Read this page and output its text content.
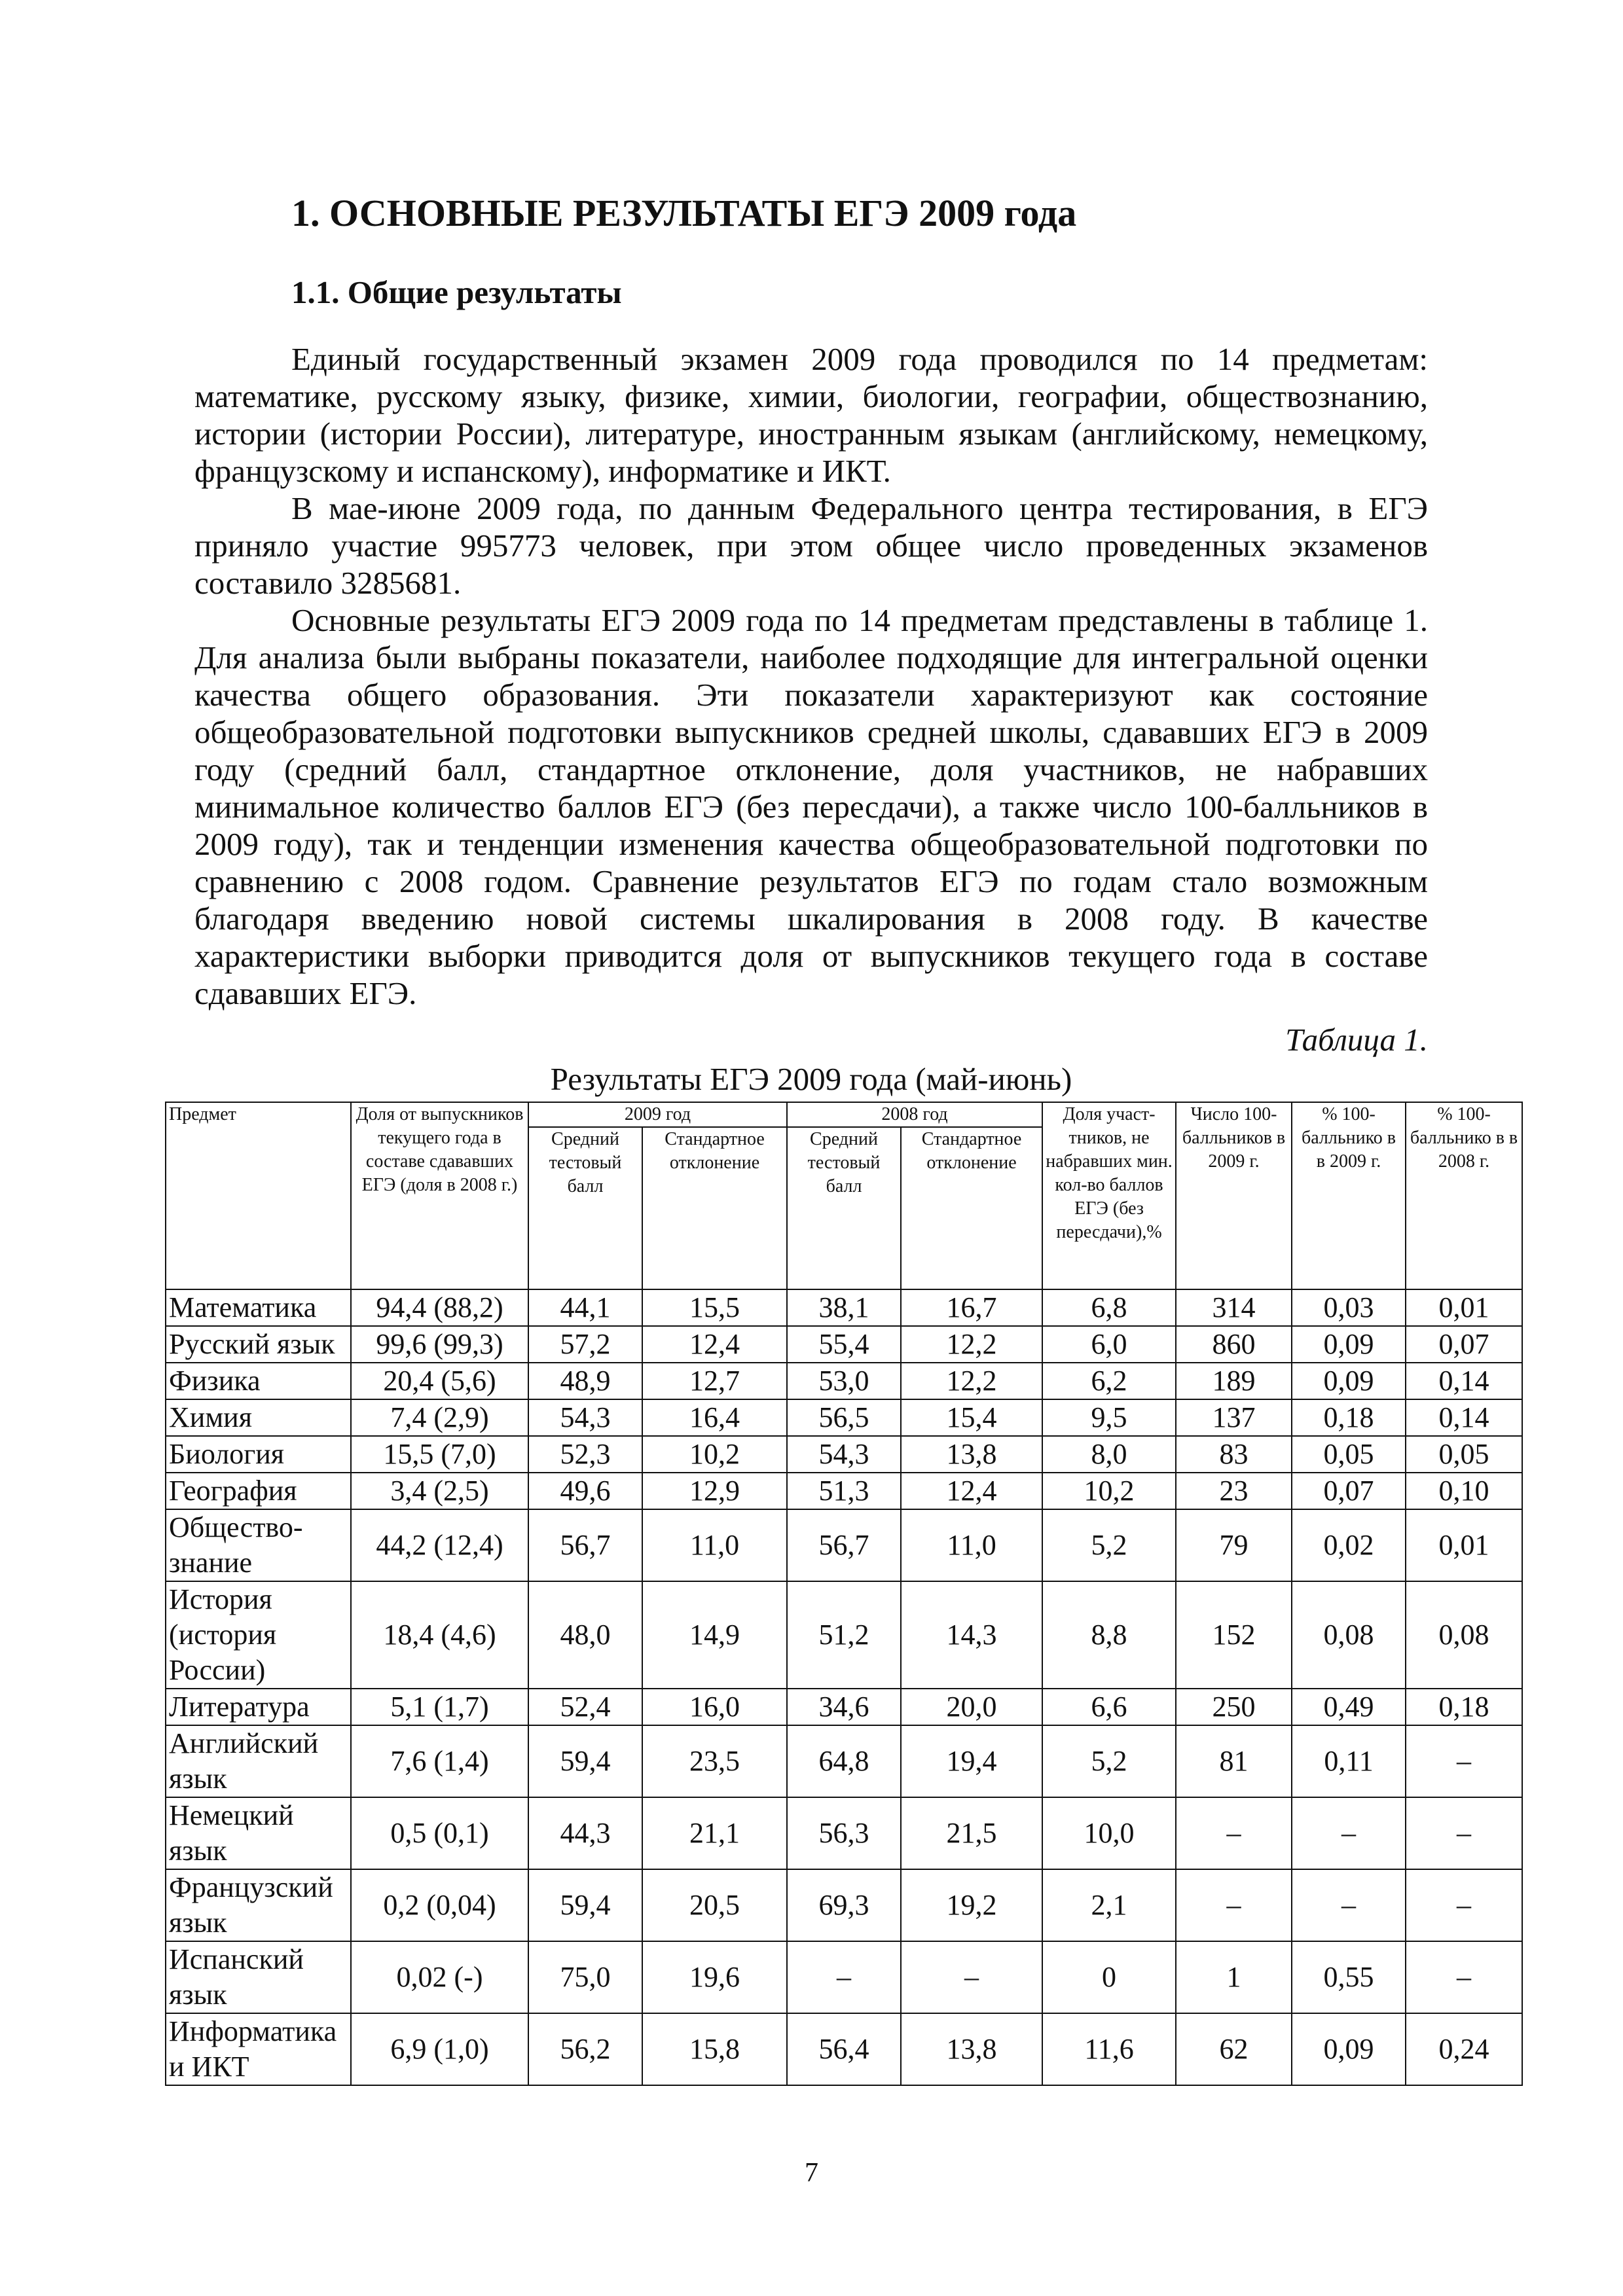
1. ОСНОВНЫЕ РЕЗУЛЬТАТЫ ЕГЭ 2009 года
1.1. Общие результаты

Единый государственный экзамен 2009 года проводился по 14 предметам: математике, русскому языку, физике, химии, биологии, географии, обществознанию, истории (истории России), литературе, иностранным языкам (английскому, немецкому, французскому и испанскому), информатике и ИКТ.

В мае-июне 2009 года, по данным Федерального центра тестирования, в ЕГЭ приняло участие 995773 человек, при этом общее число проведенных экзаменов составило 3285681.

Основные результаты ЕГЭ 2009 года по 14 предметам представлены в таблице 1. Для анализа были выбраны показатели, наиболее подходящие для интегральной оценки качества общего образования. Эти показатели характеризуют как состояние общеобразовательной подготовки выпускников средней школы, сдававших ЕГЭ в 2009 году (средний балл, стандартное отклонение, доля участников, не набравших минимальное количество баллов ЕГЭ (без пересдачи), а также число 100-балльников в 2009 году), так и тенденции изменения качества общеобразовательной подготовки по сравнению с 2008 годом. Сравнение результатов ЕГЭ по годам стало возможным благодаря введению новой системы шкалирования в 2008 году. В качестве характеристики выборки приводится доля от выпускников текущего года в составе сдававших ЕГЭ.

Таблица 1.
Результаты ЕГЭ 2009 года (май-июнь)
Предмет	Доля от выпускников текущего года в составе сдававших ЕГЭ (доля в 2008 г.)	2009 год		2008 год		Доля участ-тников, не набравших мин. кол-во баллов ЕГЭ (без пересдачи),%	Число 100-балльников в 2009 г.	% 100-балльнико в в 2009 г.	% 100-балльнико в в 2008 г.
		Средний тестовый балл	Стандартное отклонение	Средний тестовый балл	Стандартное отклонение				
Математика	94,4 (88,2)	44,1	15,5	38,1	16,7	6,8	314	0,03	0,01
Русский язык	99,6 (99,3)	57,2	12,4	55,4	12,2	6,0	860	0,09	0,07
Физика	20,4 (5,6)	48,9	12,7	53,0	12,2	6,2	189	0,09	0,14
Химия	7,4 (2,9)	54,3	16,4	56,5	15,4	9,5	137	0,18	0,14
Биология	15,5 (7,0)	52,3	10,2	54,3	13,8	8,0	83	0,05	0,05
География	3,4 (2,5)	49,6	12,9	51,3	12,4	10,2	23	0,07	0,10
Общество-знание	44,2 (12,4)	56,7	11,0	56,7	11,0	5,2	79	0,02	0,01
История (история России)	18,4 (4,6)	48,0	14,9	51,2	14,3	8,8	152	0,08	0,08
Литература	5,1 (1,7)	52,4	16,0	34,6	20,0	6,6	250	0,49	0,18
Английский язык	7,6 (1,4)	59,4	23,5	64,8	19,4	5,2	81	0,11	–
Немецкий язык	0,5 (0,1)	44,3	21,1	56,3	21,5	10,0	–	–	–
Французский язык	0,2 (0,04)	59,4	20,5	69,3	19,2	2,1	–	–	–
Испанский язык	0,02 (-)	75,0	19,6	–	–	0	1	0,55	–
Информатика и ИКТ	6,9 (1,0)	56,2	15,8	56,4	13,8	11,6	62	0,09	0,24
7
